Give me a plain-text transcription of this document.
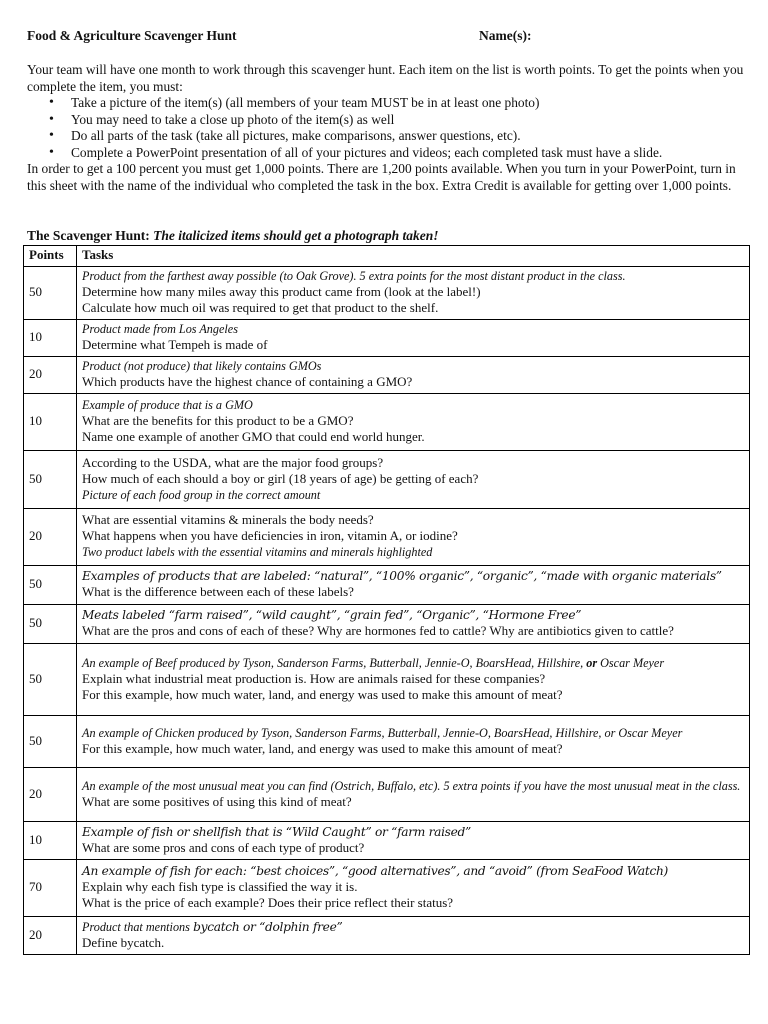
Food & Agriculture Scavenger Hunt	Name(s):
Your team will have one month to work through this scavenger hunt. Each item on the list is worth points. To get the points when you complete the item, you must:
• Take a picture of the item(s) (all members of your team MUST be in at least one photo)
• You may need to take a close up photo of the item(s) as well
• Do all parts of the task (take all pictures, make comparisons, answer questions, etc).
• Complete a PowerPoint presentation of all of your pictures and videos; each completed task must have a slide.
In order to get a 100 percent you must get 1,000 points. There are 1,200 points available. When you turn in your PowerPoint, turn in this sheet with the name of the individual who completed the task in the box. Extra Credit is available for getting over 1,000 points.
The Scavenger Hunt: The italicized items should get a photograph taken!
Points	Tasks
50	Product from the farthest away possible (to Oak Grove). 5 extra points for the most distant product in the class.
Determine how many miles away this product came from (look at the label!)
Calculate how much oil was required to get that product to the shelf.

10	Product made from Los Angeles
Determine what Tempeh is made of

20	Product (not produce) that likely contains GMOs
Which products have the highest chance of containing a GMO?

10	Example of produce that is a GMO
What are the benefits for this product to be a GMO?
Name one example of another GMO that could end world hunger.

50	According to the USDA, what are the major food groups?
How much of each should a boy or girl (18 years of age) be getting of each?
Picture of each food group in the correct amount

20	What are essential vitamins & minerals the body needs?
What happens when you have deficiencies in iron, vitamin A, or iodine?
Two product labels with the essential vitamins and minerals highlighted

50	Examples of products that are labeled: “natural”, “100% organic”, “organic”, “made with organic materials”
What is the difference between each of these labels?

50	Meats labeled “farm raised”, “wild caught”, “grain fed”, “Organic”, “Hormone Free”
What are the pros and cons of each of these? Why are hormones fed to cattle? Why are antibiotics given to cattle?

50	An example of Beef produced by Tyson, Sanderson Farms, Butterball, Jennie-O, BoarsHead, Hillshire, or Oscar Meyer
Explain what industrial meat production is. How are animals raised for these companies?
For this example, how much water, land, and energy was used to make this amount of meat?

50	An example of Chicken produced by Tyson, Sanderson Farms, Butterball, Jennie-O, BoarsHead, Hillshire, or Oscar Meyer
For this example, how much water, land, and energy was used to make this amount of meat?

20	An example of the most unusual meat you can find (Ostrich, Buffalo, etc). 5 extra points if you have the most unusual meat in the class.
What are some positives of using this kind of meat?

10	Example of fish or shellfish that is “Wild Caught” or “farm raised”
What are some pros and cons of each type of product?

70	An example of fish for each: “best choices”, “good alternatives”, and “avoid” (from SeaFood Watch)
Explain why each fish type is classified the way it is.
What is the price of each example? Does their price reflect their status?

20	Product that mentions bycatch or “dolphin free”
Define bycatch.
